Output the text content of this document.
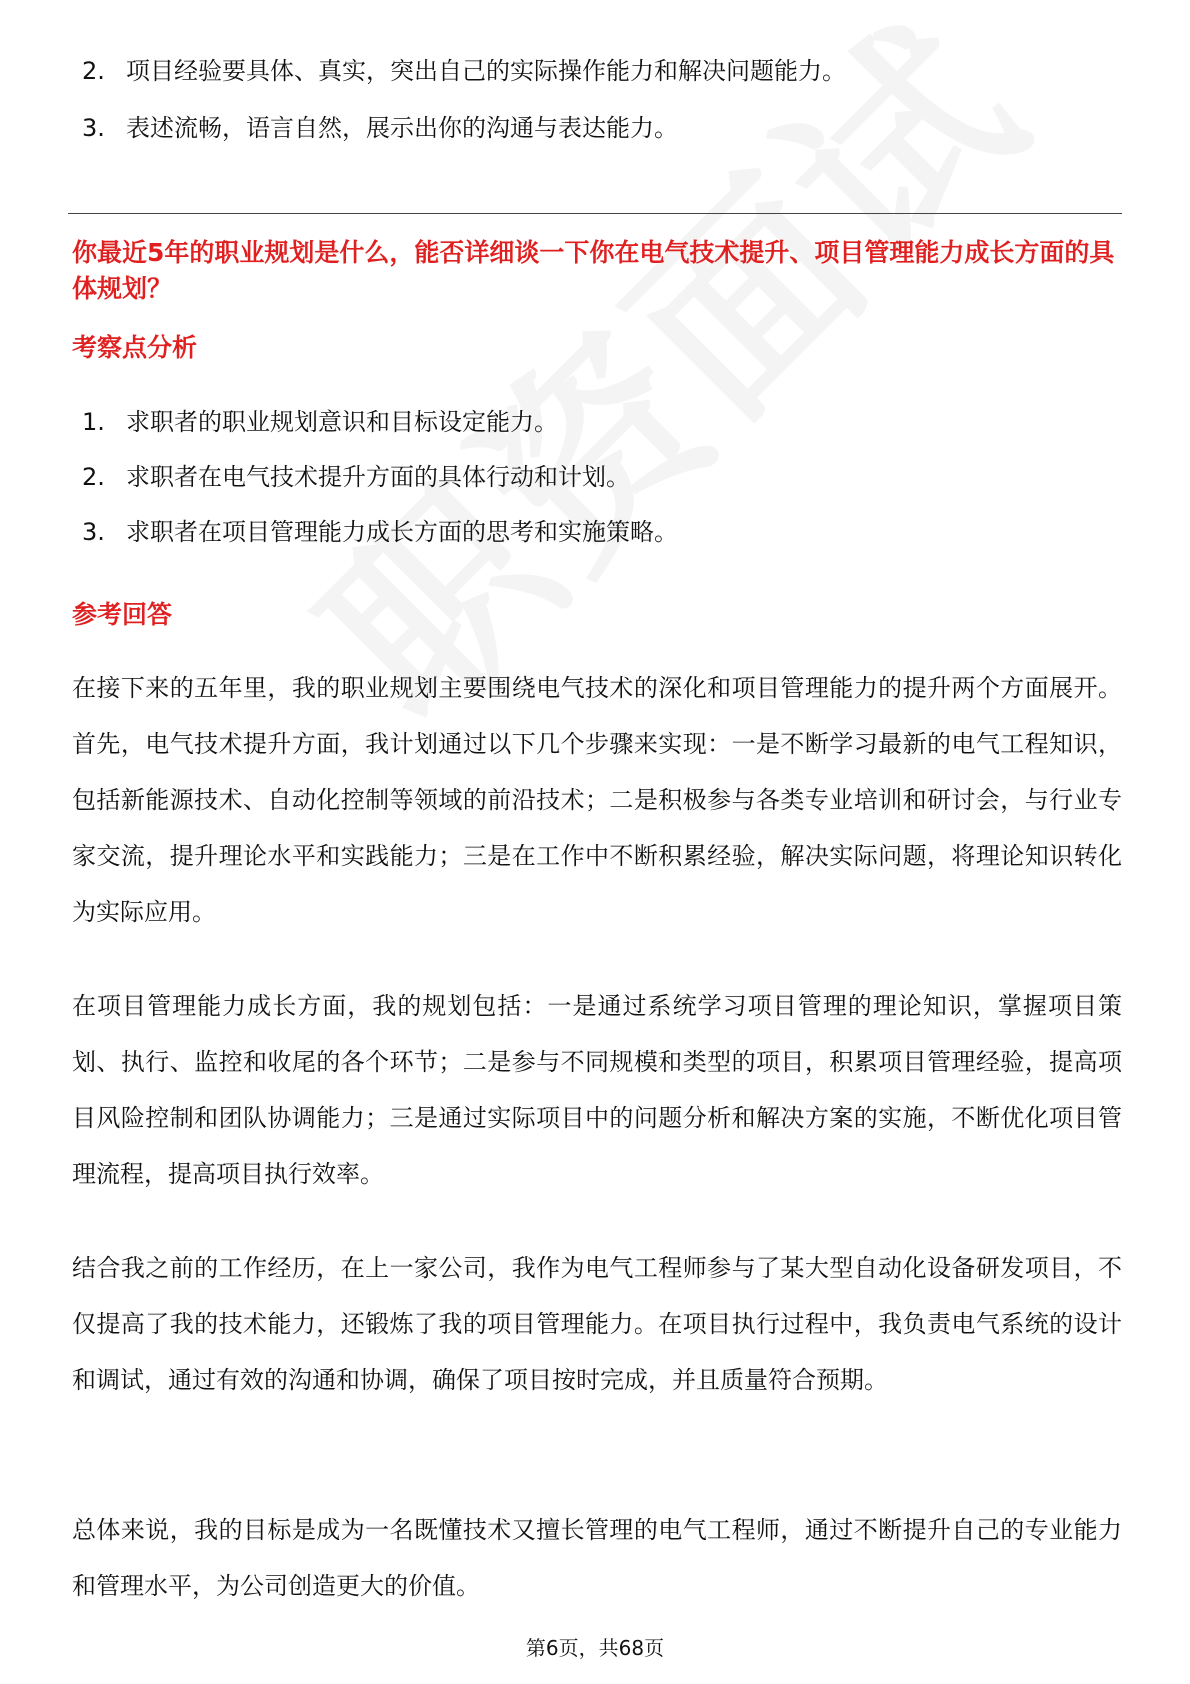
2. 项目经验要具体、真实，突出自己的实际操作能力和解决问题能力。
3. 表述流畅，语言自然，展示出你的沟通与表达能力。
你最近5年的职业规划是什么，能否详细谈一下你在电气技术提升、项目管理能力成长方面的具体规划？
考察点分析
1. 求职者的职业规划意识和目标设定能力。
2. 求职者在电气技术提升方面的具体行动和计划。
3. 求职者在项目管理能力成长方面的思考和实施策略。
参考回答

在接下来的五年里，我的职业规划主要围绕电气技术的深化和项目管理能力的提升两个方面展开。首先，电气技术提升方面，我计划通过以下几个步骤来实现：一是不断学习最新的电气工程知识，包括新能源技术、自动化控制等领域的前沿技术；二是积极参与各类专业培训和研讨会，与行业专家交流，提升理论水平和实践能力；三是在工作中不断积累经验，解决实际问题，将理论知识转化为实际应用。

在项目管理能力成长方面，我的规划包括：一是通过系统学习项目管理的理论知识，掌握项目策划、执行、监控和收尾的各个环节；二是参与不同规模和类型的项目，积累项目管理经验，提高项目风险控制和团队协调能力；三是通过实际项目中的问题分析和解决方案的实施，不断优化项目管理流程，提高项目执行效率。

结合我之前的工作经历，在上一家公司，我作为电气工程师参与了某大型自动化设备研发项目，不仅提高了我的技术能力，还锻炼了我的项目管理能力。在项目执行过程中，我负责电气系统的设计和调试，通过有效的沟通和协调，确保了项目按时完成，并且质量符合预期。

总体来说，我的目标是成为一名既懂技术又擅长管理的电气工程师，通过不断提升自己的专业能力和管理水平，为公司创造更大的价值。

第6页，共68页
